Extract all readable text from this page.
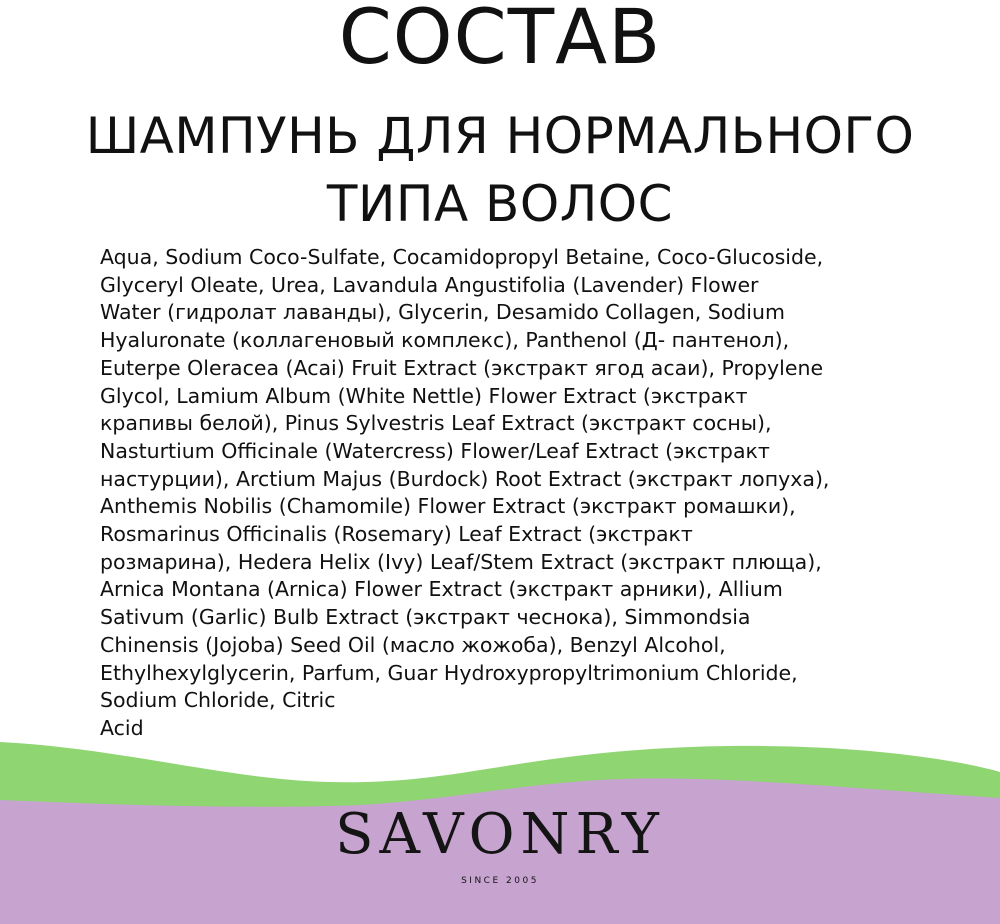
СОСТАВ
ШАМПУНЬ ДЛЯ НОРМАЛЬНОГО
ТИПА ВОЛОС
Aqua, Sodium Coco-Sulfate, Cocamidopropyl Betaine, Coco-Glucoside,
Glyceryl Oleate, Urea, Lavandula Angustifolia (Lavender) Flower
Water (гидролат лаванды), Glycerin, Desamido Collagen, Sodium
Hyaluronate (коллагеновый комплекс), Panthenol (Д- пантенол),
Euterpe Oleracea (Acai) Fruit Extract (экстракт ягод асаи), Propylene
Glycol, Lamium Album (White Nettle) Flower Extract (экстракт
крапивы белой), Pinus Sylvestris Leaf Extract (экстракт сосны),
Nasturtium Officinale (Watercress) Flower/Leaf Extract (экстракт
настурции), Arctium Majus (Burdock) Root Extract (экстракт лопуха),
Anthemis Nobilis (Chamomile) Flower Extract (экстракт ромашки),
Rosmarinus Officinalis (Rosemary) Leaf Extract (экстракт
розмарина), Hedera Helix (Ivy) Leaf/Stem Extract (экстракт плюща),
Arnica Montana (Arnica) Flower Extract (экстракт арники), Allium
Sativum (Garlic) Bulb Extract (экстракт чеснока), Simmondsia
Chinensis (Jojoba) Seed Oil (масло жожоба), Benzyl Alcohol,
Ethylhexylglycerin, Parfum, Guar Hydroxypropyltrimonium Chloride,
Sodium Chloride, Citric
Acid
SAVONRY
SINCE 2005
